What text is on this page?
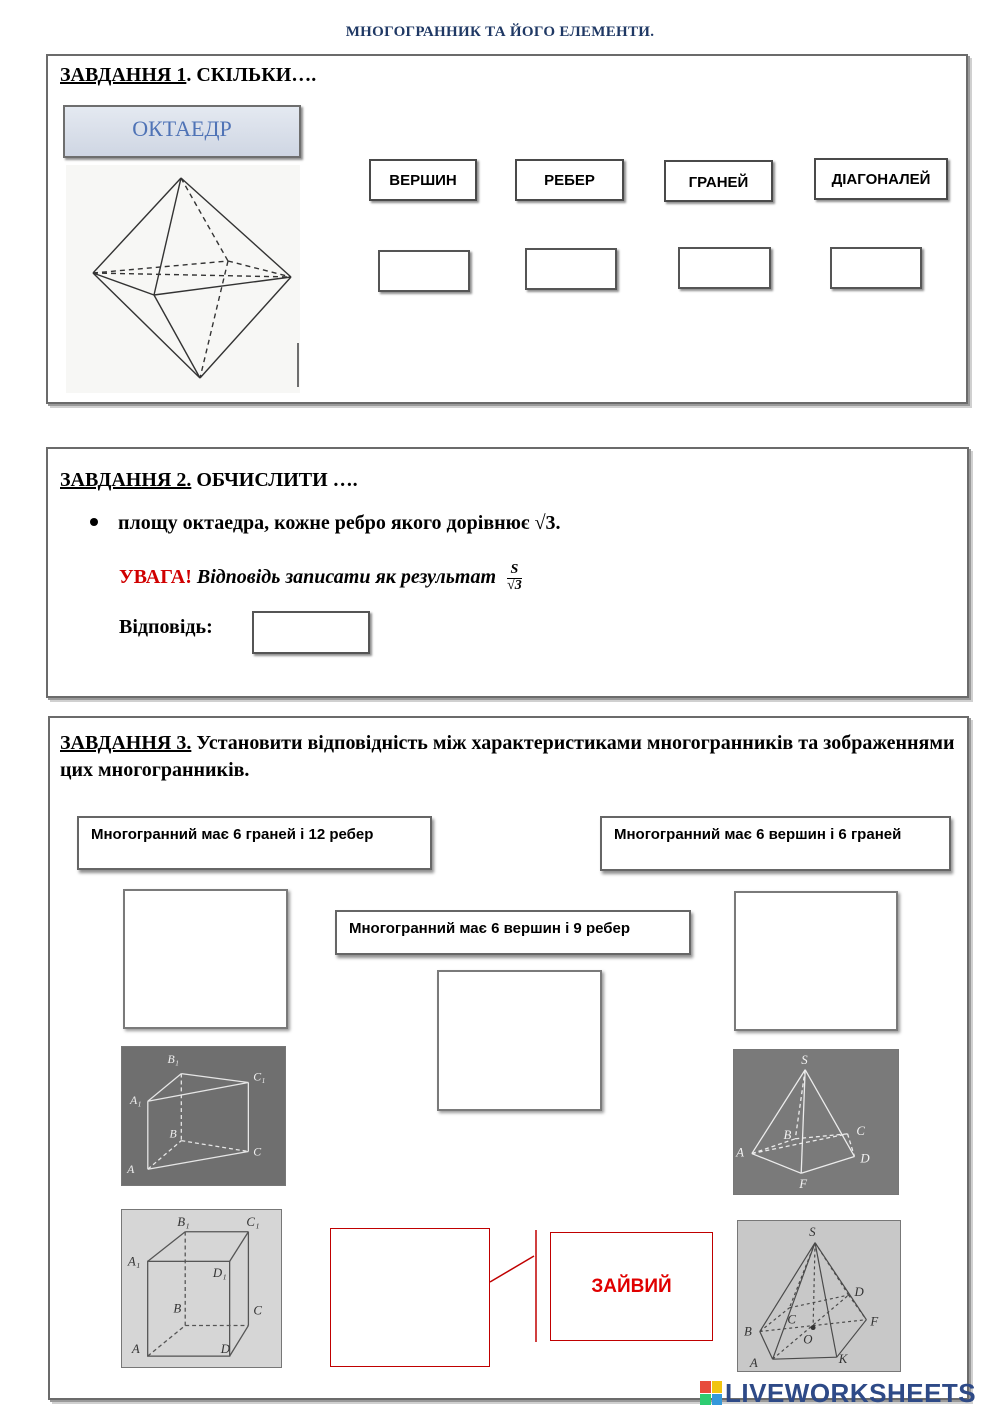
МНОГОГРАННИК ТА ЙОГО ЕЛЕМЕНТИ.
ЗАВДАННЯ 1. СКІЛЬКИ….
ОКТАЕДР
ВЕРШИН	РЕБЕР	ГРАНЕЙ	ДІАГОНАЛЕЙ
ЗАВДАННЯ 2. ОБЧИСЛИТИ ….
площу октаедра, кожне ребро якого дорівнює √3.
УВАГА! Відповідь записати як результат $\frac{S}{√3}$
Відповідь:
ЗАВДАННЯ 3. Установити відповідність між характеристиками многогранників та зображеннями цих многогранників.
Многогранний має 6 граней і 12 ребер	Многогранний має 6 вершин і 6 граней
Многогранний має 6 вершин і 9 ребер
B₁
A₁
C₁
B
C
A
S
B	C
A	D
F
B₁	C₁
A₁
D₁
B	C
A	D
S
D
C
B
O
F
A	K
ЗАЙВИЙ
LIVEWORKSHEETS
